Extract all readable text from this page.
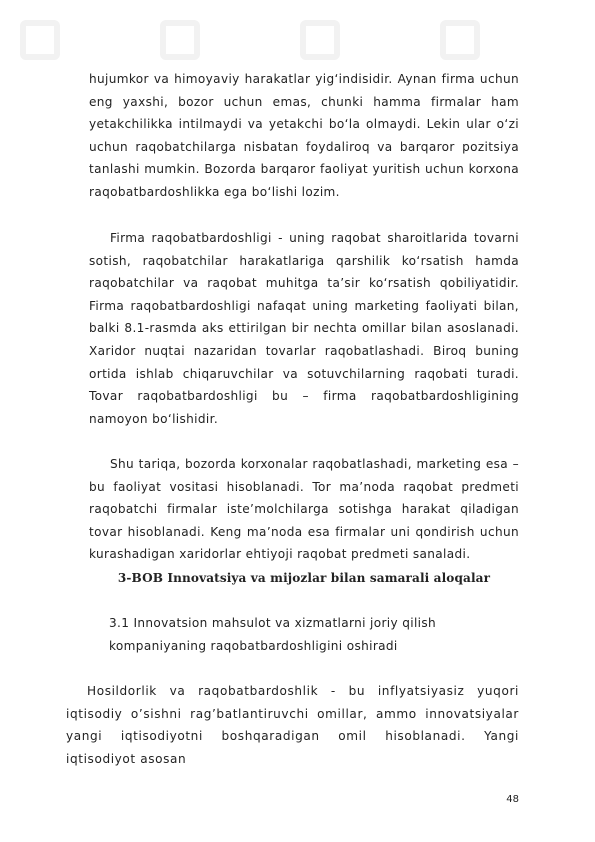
hujumkor va himoyaviy harakatlar yig‘indisidir. Aynan firma uchun eng yaxshi, bozor uchun emas, chunki hamma firmalar ham yetakchilikka intilmaydi va yetakchi bo‘la olmaydi. Lekin ular o‘zi uchun raqobatchilarga nisbatan foydaliroq va barqaror pozitsiya tanlashi mumkin. Bozorda barqaror faoliyat yuritish uchun korxona raqobatbardoshlikka ega bo‘lishi lozim.

Firma raqobatbardoshligi - uning raqobat sharoitlarida tovarni sotish, raqobatchilar harakatlariga qarshilik ko‘rsatish hamda raqobatchilar va raqobat muhitga ta’sir ko‘rsatish qobiliyatidir. Firma raqobatbardoshligi nafaqat uning marketing faoliyati bilan, balki 8.1-rasmda aks ettirilgan bir nechta omillar bilan asoslanadi. Xaridor nuqtai nazaridan tovarlar raqobatlashadi. Biroq buning ortida ishlab chiqaruvchilar va sotuvchilarning raqobati turadi. Tovar raqobatbardoshligi bu – firma raqobatbardoshligining namoyon bo‘lishidir.

Shu tariqa, bozorda korxonalar raqobatlashadi, marketing esa – bu faoliyat vositasi hisoblanadi. Tor ma’noda raqobat predmeti raqobatchi firmalar iste’molchilarga sotishga harakat qiladigan tovar hisoblanadi. Keng ma’noda esa firmalar uni qondirish uchun kurashadigan xaridorlar ehtiyoji raqobat predmeti sanaladi.

3-BOB Innovatsiya va mijozlar bilan samarali aloqalar

3.1 Innovatsion mahsulot va xizmatlarni joriy qilish kompaniyaning raqobatbardoshligini oshiradi

Hosildorlik va raqobatbardoshlik - bu inflyatsiyasiz yuqori iqtisodiy o’sishni rag’batlantiruvchi omillar, ammo innovatsiyalar yangi iqtisodiyotni boshqaradigan omil hisoblanadi. Yangi iqtisodiyot asosan

48
